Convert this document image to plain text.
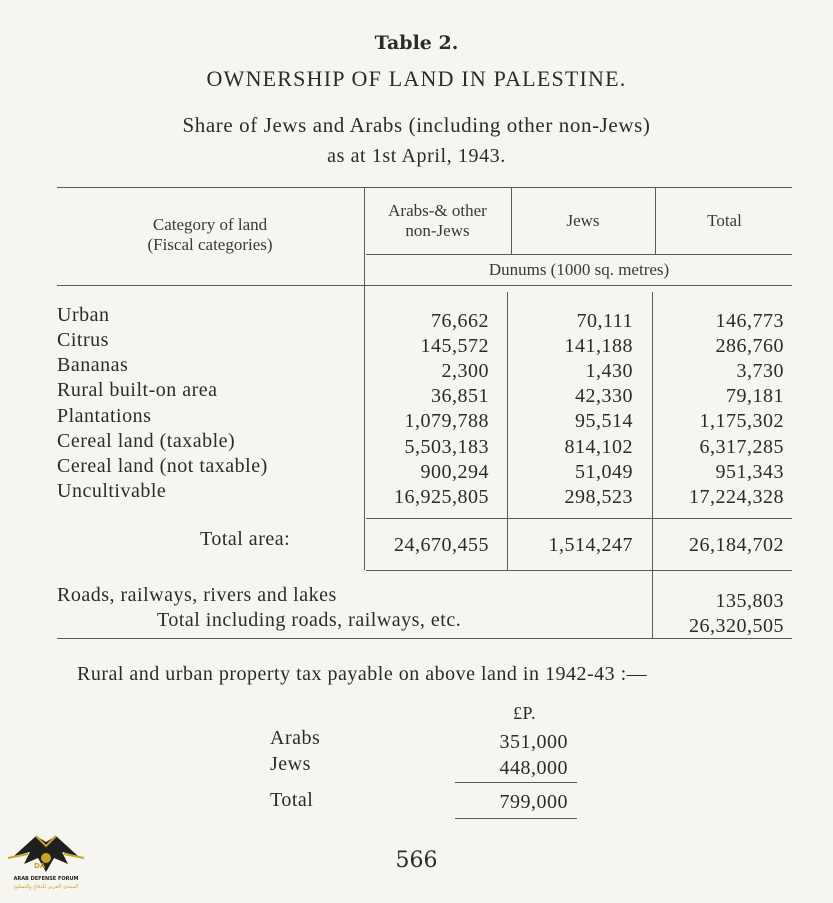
Table 2.
OWNERSHIP OF LAND IN PALESTINE.
Share of Jews and Arabs (including other non-Jews)
as at 1st April, 1943.
Category of land
(Fiscal categories)
Arabs-& other
non-Jews
Jews	Total
Dunums (1000 sq. metres)
Urban	76,662	70,111	146,773
Citrus	145,572	141,188	286,760
Bananas	2,300	1,430	3,730
Rural built-on area	36,851	42,330	79,181
Plantations	1,079,788	95,514	1,175,302
Cereal land (taxable)	5,503,183	814,102	6,317,285
Cereal land (not taxable)	900,294	51,049	951,343
Uncultivable	16,925,805	298,523	17,224,328
Total area:	24,670,455	1,514,247	26,184,702
Roads, railways, rivers and lakes	135,803
Total including roads, railways, etc.	26,320,505
Rural and urban property tax payable on above land in 1942-43 :—
£P.
Arabs	351,000
Jews	448,000
Total	799,000
566
DA
ARAB DEFENSE FORUM
المنتدى العربي للدفاع والتسليح
